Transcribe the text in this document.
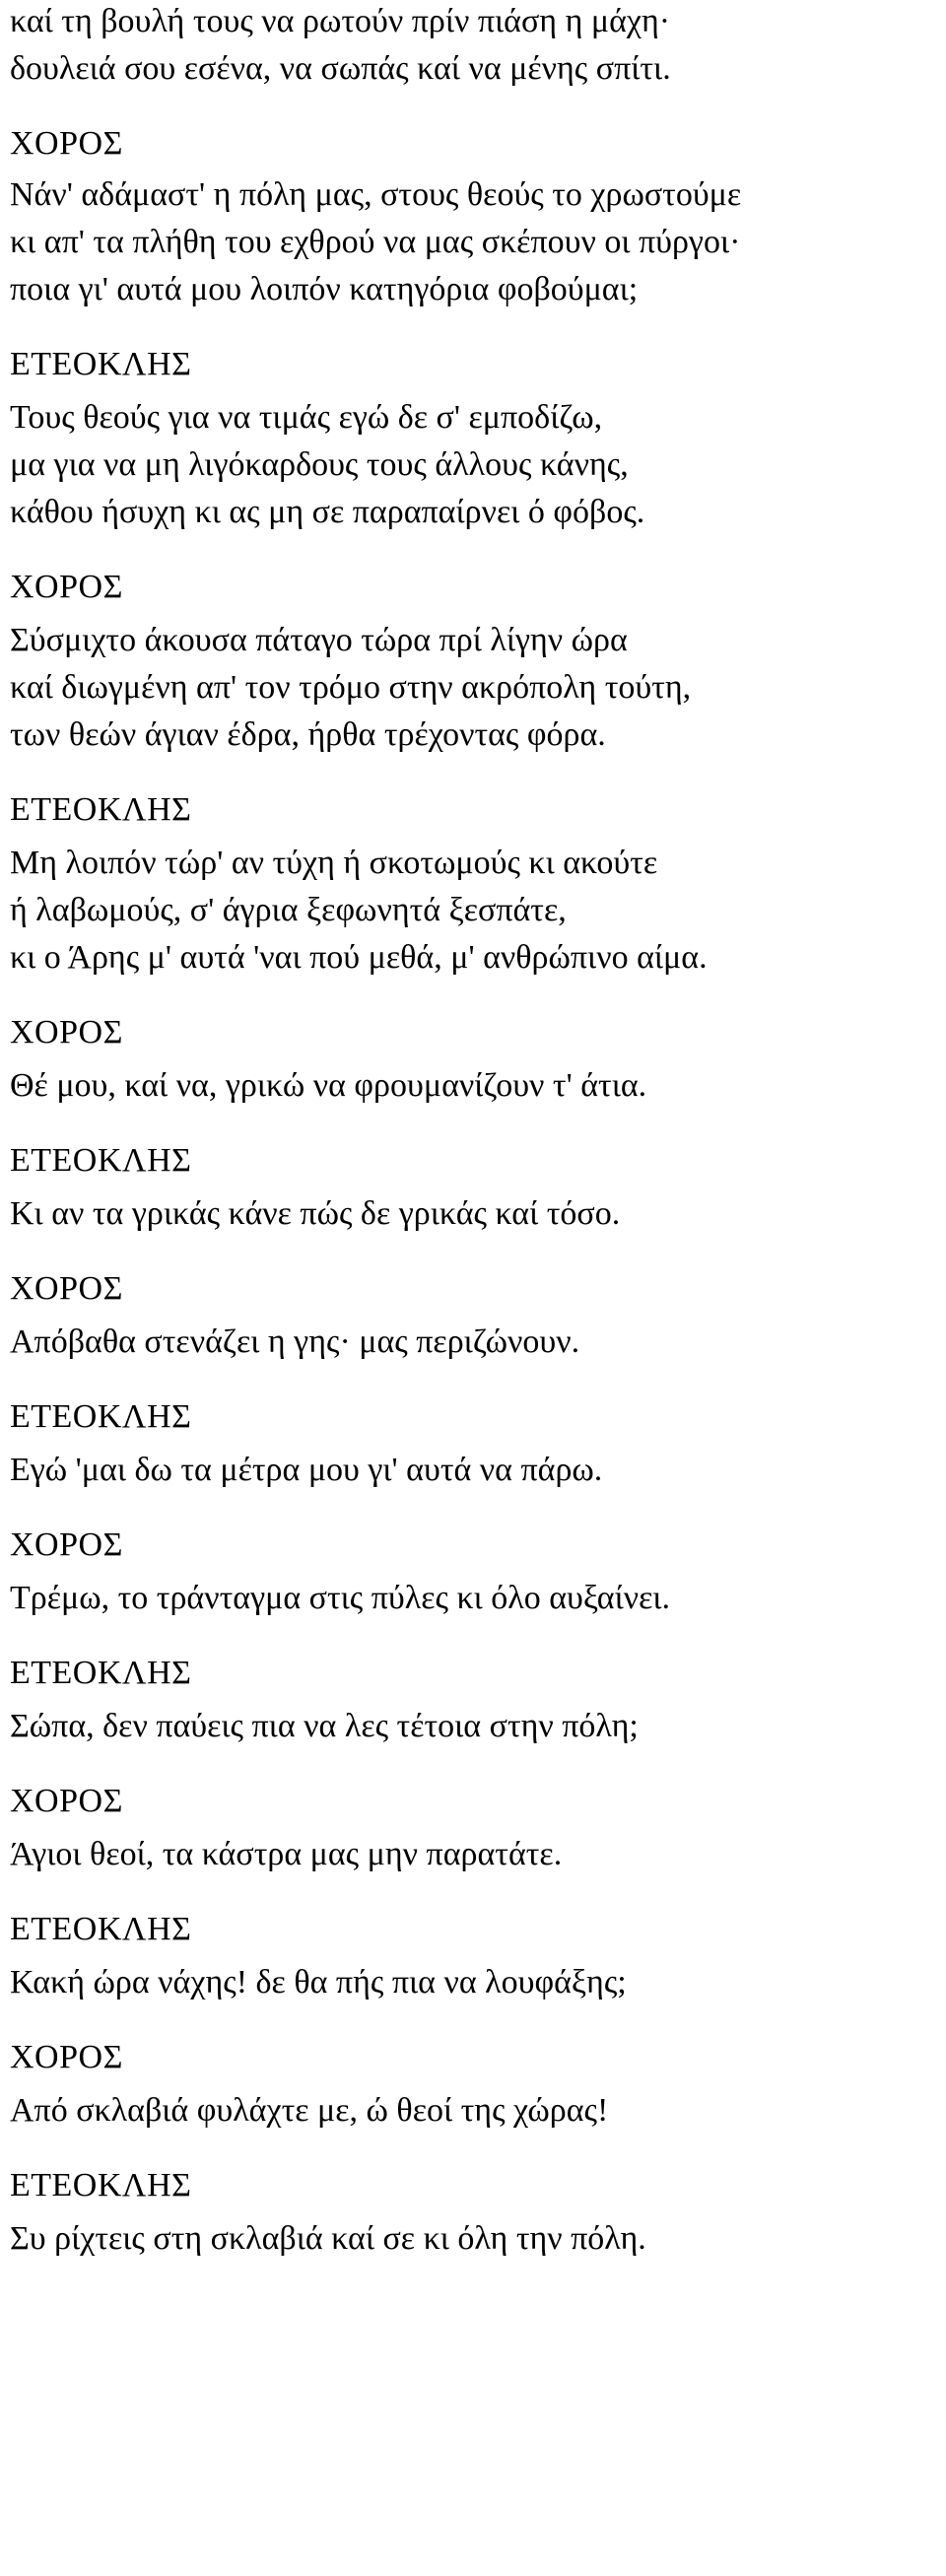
καί τη βουλή τους να ρωτούν πρίν πιάση η μάχη·
δουλειά σου εσένα, να σωπάς καί να μένης σπίτι.
ΧΟΡΟΣ
Νάν' αδάμαστ' η πόλη μας, στους θεούς το χρωστούμε
κι απ' τα πλήθη του εχθρού να μας σκέπουν οι πύργοι·
ποια γι' αυτά μου λοιπόν κατηγόρια φοβούμαι;
ΕΤΕΟΚΛΗΣ
Τους θεούς για να τιμάς εγώ δε σ' εμποδίζω,
μα για να μη λιγόκαρδους τους άλλους κάνης,
κάθου ήσυχη κι ας μη σε παραπαίρνει ό φόβος.
ΧΟΡΟΣ
Σύσμιχτο άκουσα πάταγο τώρα πρί λίγην ώρα
καί διωγμένη απ' τον τρόμο στην ακρόπολη τούτη,
των θεών άγιαν έδρα, ήρθα τρέχοντας φόρα.
ΕΤΕΟΚΛΗΣ
Μη λοιπόν τώρ' αν τύχη ή σκοτωμούς κι ακούτε
ή λαβωμούς, σ' άγρια ξεφωνητά ξεσπάτε,
κι ο Άρης μ' αυτά 'ναι πού μεθά, μ' ανθρώπινο αίμα.
ΧΟΡΟΣ
Θέ μου, καί να, γρικώ να φρουμανίζουν τ' άτια.
ΕΤΕΟΚΛΗΣ
Κι αν τα γρικάς κάνε πώς δε γρικάς καί τόσο.
ΧΟΡΟΣ
Απόβαθα στενάζει η γης· μας περιζώνουν.
ΕΤΕΟΚΛΗΣ
Εγώ 'μαι δω τα μέτρα μου γι' αυτά να πάρω.
ΧΟΡΟΣ
Τρέμω, το τράνταγμα στις πύλες κι όλο αυξαίνει.
ΕΤΕΟΚΛΗΣ
Σώπα, δεν παύεις πια να λες τέτοια στην πόλη;
ΧΟΡΟΣ
Άγιοι θεοί, τα κάστρα μας μην παρατάτε.
ΕΤΕΟΚΛΗΣ
Κακή ώρα νάχης! δε θα πής πια να λουφάξης;
ΧΟΡΟΣ
Από σκλαβιά φυλάχτε με, ώ θεοί της χώρας!
ΕΤΕΟΚΛΗΣ
Συ ρίχτεις στη σκλαβιά καί σε κι όλη την πόλη.
